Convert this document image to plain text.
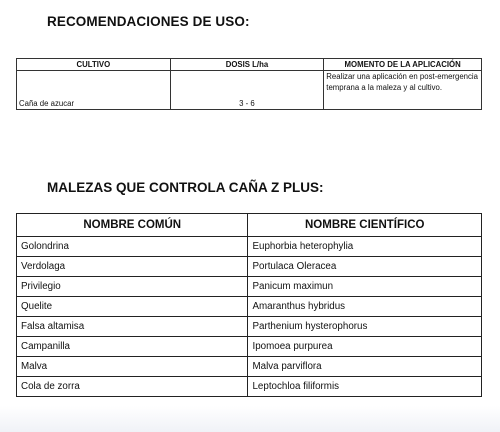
RECOMENDACIONES DE USO:
CULTIVO	DOSIS L/ha	MOMENTO DE LA APLICACIÓN
Caña de azucar	3 - 6	Realizar una aplicación en post-emergencia temprana a la maleza y al cultivo.
MALEZAS QUE CONTROLA CAÑA Z PLUS:
NOMBRE COMÚN	NOMBRE CIENTÍFICO
Golondrina	Euphorbia heterophylia
Verdolaga	Portulaca Oleracea
Privilegio	Panicum maximun
Quelite	Amaranthus hybridus
Falsa altamisa	Parthenium hysterophorus
Campanilla	Ipomoea purpurea
Malva	Malva parviflora
Cola de zorra	Leptochloa filiformis
